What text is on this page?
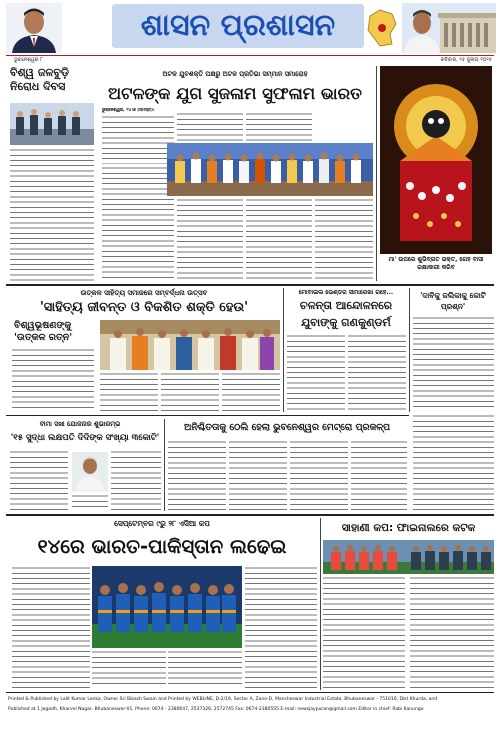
ଶାସନ ପ୍ରଶାସନ
ଭୁବନେଶ୍ୱର ୮	ରବିବାର, ୨୫ ଜୁଲାଇ ୨୦୨୫
ବିଶ୍ୱ ଜଳବୁଡ଼ି ନିରୋଧ ଦିବସ
ଅଟଳ ଯୁବଶକ୍ତି ପକ୍ଷରୁ ଅଟଳ ପ୍ରତିଭା ସମ୍ମାନ ସମାରୋହ
ଅଟଳଙ୍କ ଯୁଗ ସୁଜଳାମ ସୁଫଳାମ ଭାରତ
ଭୁବନେଶ୍ୱର, ୨୪।୭ (ସମସ୍ତ):
ମା' ଉପରେ ଶୁଭିବ୍ରତ ଭକ୍ତ, ଗେହ ବାସୀ ରକ୍ଷାକାରୀ କରିବ
ଉତ୍କଳ ସାହିତ୍ୟ ସମାଜରେ ସମ୍ବର୍ଦ୍ଧନା ଉତ୍ସବ
'ସାହିତ୍ୟ ଜୀବନ୍ତ ଓ ବିକଶିତ ଶକ୍ତି ହେଉ'
ବିଶ୍ୱଭୂଷଣଙ୍କୁ
'ଉତ୍କଳ ରତ୍ନ'
ମୋବାଇଲ ଭେଣ୍ଡର ସୀମାରେଖା ରହେ...
ଚଳନ୍ତା ଆନ୍ଦୋଳନରେ
ଯୁବାଙ୍କୁ ଗଣକୁଣ୍ଡର୍ମ
'ଦାବିକୁ ଜଲିକାକୁ କୋଟି ପ୍ରଶ୍ନ'
ବୀମା ସଖୀ ଯୋଜନାର ଶୁଭାରମ୍ଭ
'୧୫ ସୁଦ୍ଧା ଲକ୍ଷପତି ଦିଦିଙ୍କ ସଂଖ୍ୟା ୩କୋଟି'
ଅନିଶ୍ଚିତତାକୁ ଠେଲି ହେଲା ଭୁବନେଶ୍ୱର ମେଟ୍ରୋ ପ୍ରକଳ୍ପ
ସେପ୍ଟେମ୍ବର ୯ରୁ ୨୮ ଏସିଆ କପ
୧୪ରେ ଭାରତ-ପାକିସ୍ତାନ ଲଢେଇ
ସାହାଣୀ କପ: ଫାଇନାଲରେ କଟକ
Printed & Published by Lalit Kumar Lenka, Owner Sri Bikash Swain and Printed by WEBLINE, D-2/19, Sector A, Zone-D, Mancheswar Industrial Estate, Bhubaneswar - 751010, Dist Khurda, and
Published at 1 Jagadh, Kharvel Nagar, Bhubaneswar-01, Phone: 0674 - 2380647, 2537326, 2572745 Fax: 0674-2380555 E-mail: newsjaypuran@gmail.com Editor in chief: Rabi Kanungo
